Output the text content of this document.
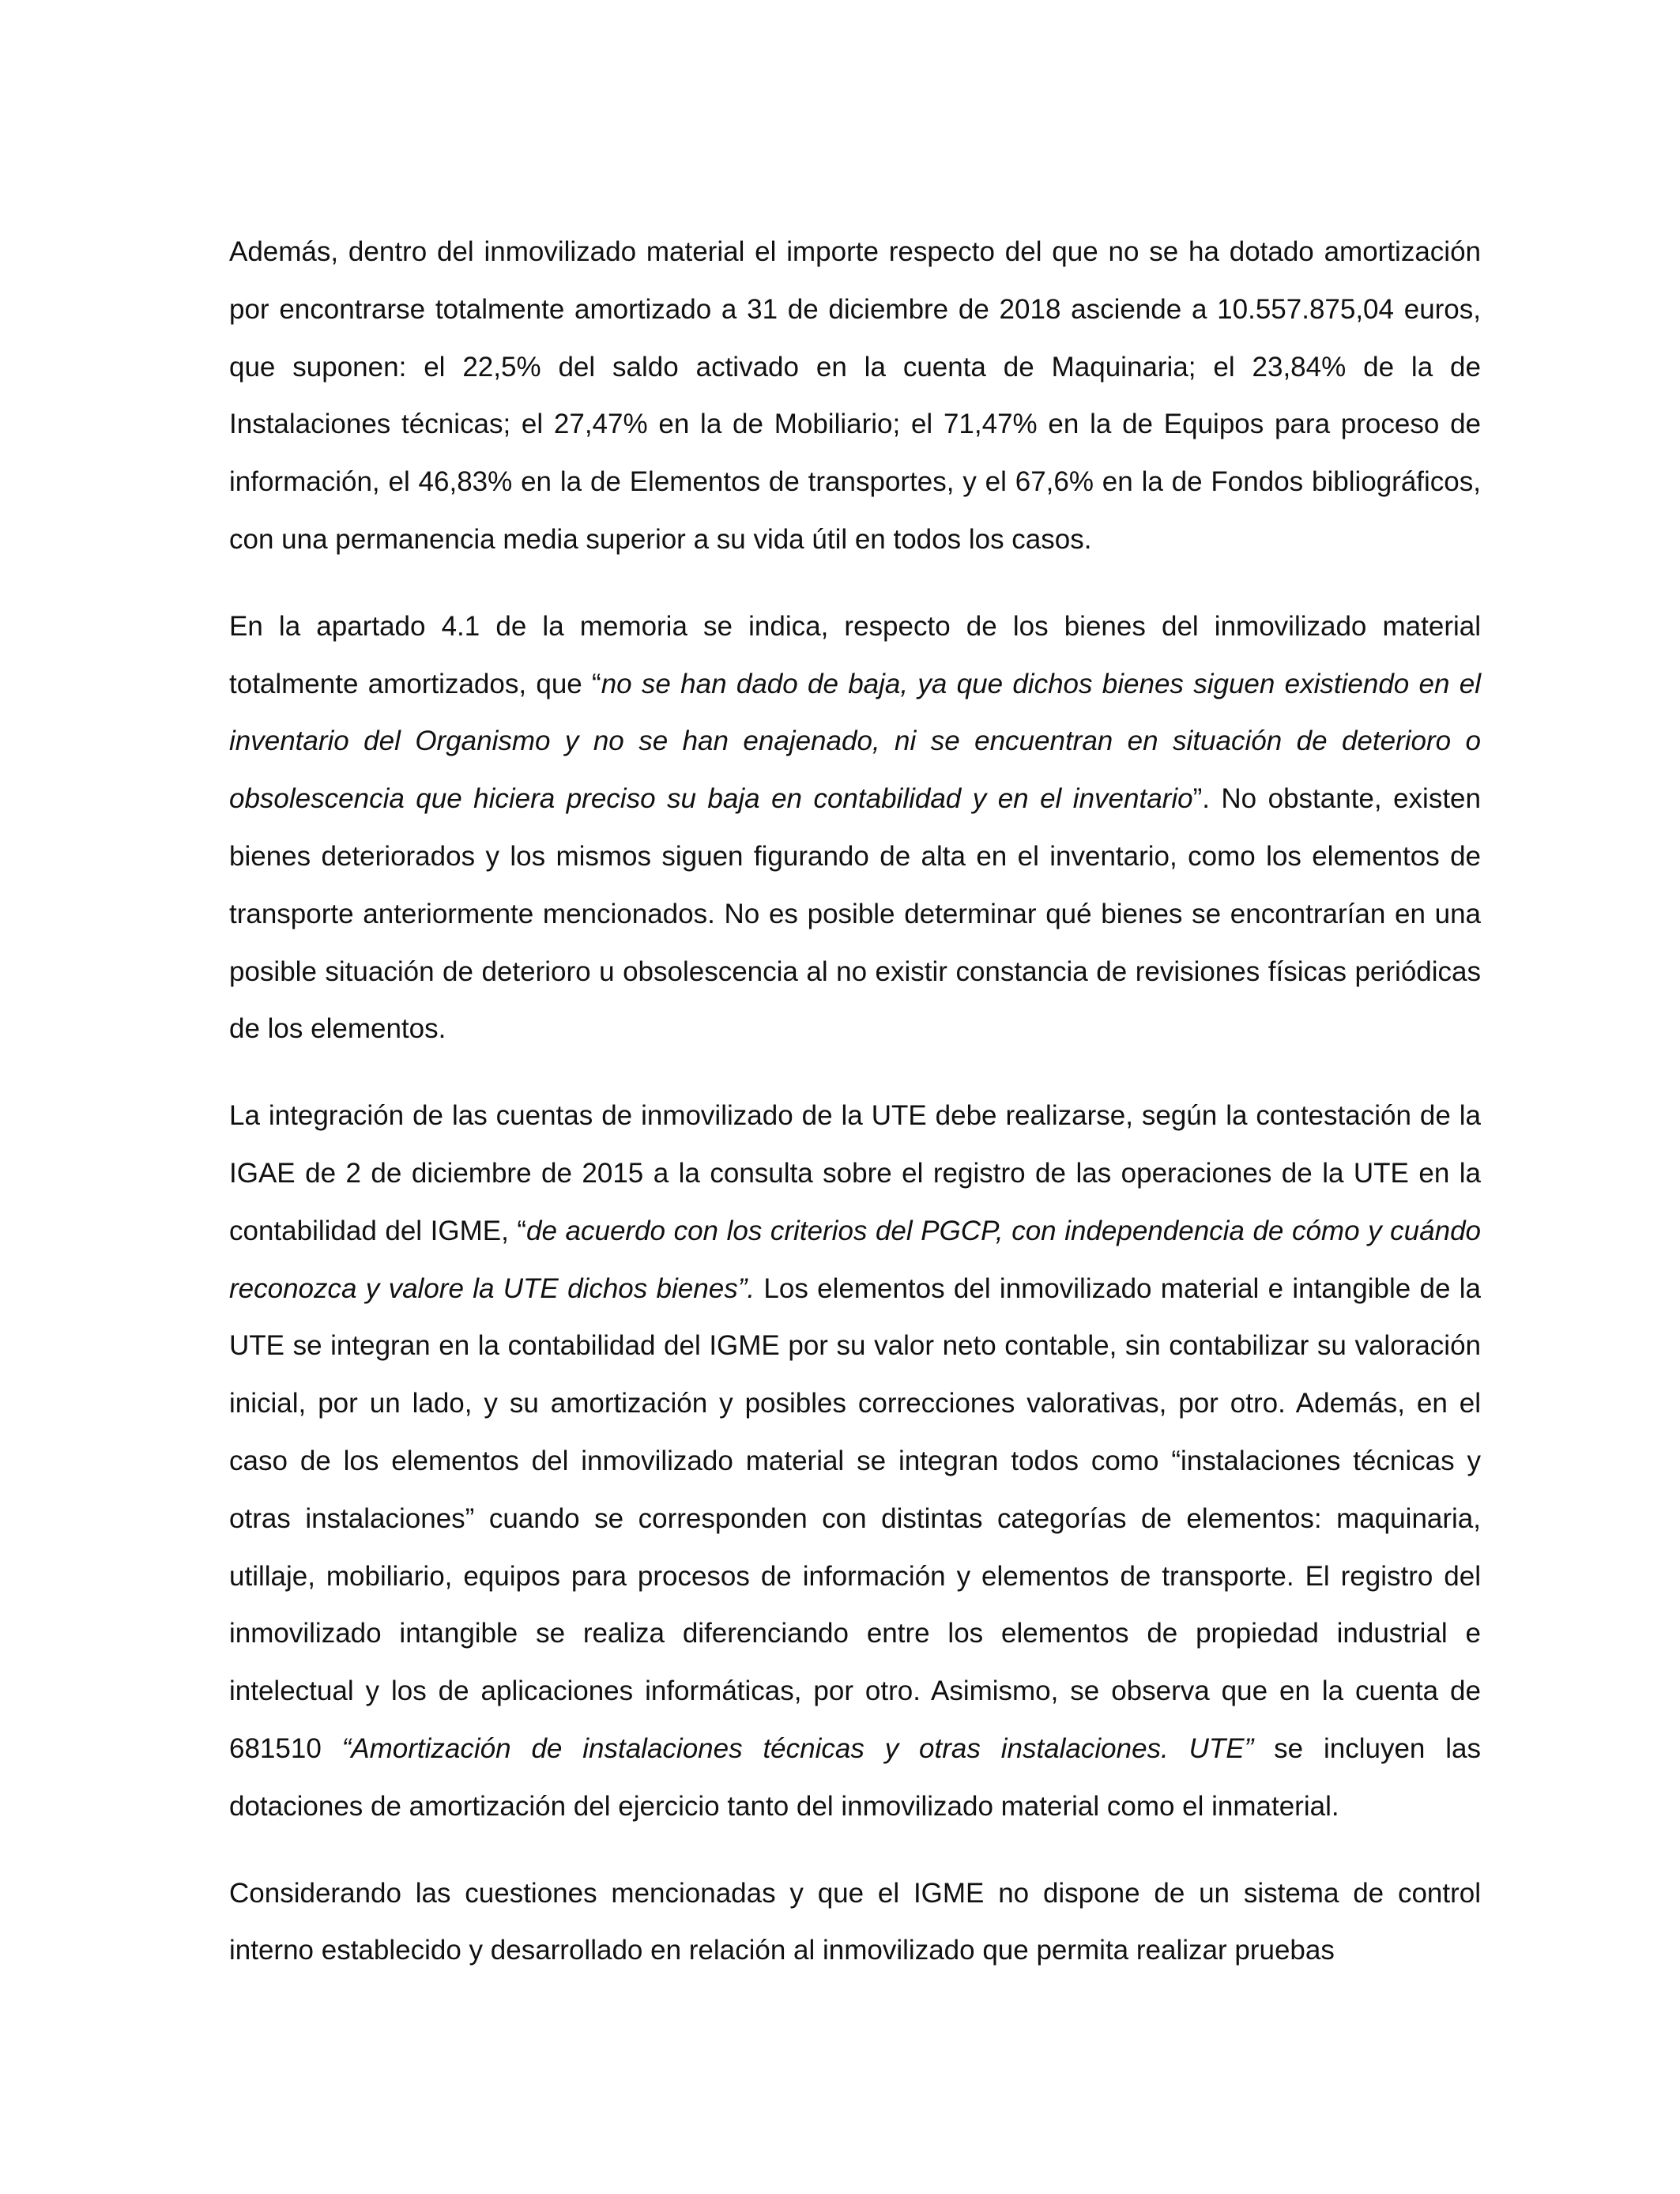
Además, dentro del inmovilizado material el importe respecto del que no se ha dotado amortización por encontrarse totalmente amortizado a 31 de diciembre de 2018 asciende a 10.557.875,04 euros, que suponen: el 22,5% del saldo activado en la cuenta de Maquinaria; el 23,84% de la de Instalaciones técnicas; el 27,47% en la de Mobiliario; el 71,47% en la de Equipos para proceso de información, el 46,83% en la de Elementos de transportes, y el 67,6% en la de Fondos bibliográficos, con una permanencia media superior a su vida útil en todos los casos.

En la apartado 4.1 de la memoria se indica, respecto de los bienes del inmovilizado material totalmente amortizados, que “no se han dado de baja, ya que dichos bienes siguen existiendo en el inventario del Organismo y no se han enajenado, ni se encuentran en situación de deterioro o obsolescencia que hiciera preciso su baja en contabilidad y en el inventario”. No obstante, existen bienes deteriorados y los mismos siguen figurando de alta en el inventario, como los elementos de transporte anteriormente mencionados. No es posible determinar qué bienes se encontrarían en una posible situación de deterioro u obsolescencia al no existir constancia de revisiones físicas periódicas de los elementos.

La integración de las cuentas de inmovilizado de la UTE debe realizarse, según la contestación de la IGAE de 2 de diciembre de 2015 a la consulta sobre el registro de las operaciones de la UTE en la contabilidad del IGME, “de acuerdo con los criterios del PGCP, con independencia de cómo y cuándo reconozca y valore la UTE dichos bienes”. Los elementos del inmovilizado material e intangible de la UTE se integran en la contabilidad del IGME por su valor neto contable, sin contabilizar su valoración inicial, por un lado, y su amortización y posibles correcciones valorativas, por otro. Además, en el caso de los elementos del inmovilizado material se integran todos como “instalaciones técnicas y otras instalaciones” cuando se corresponden con distintas categorías de elementos: maquinaria, utillaje, mobiliario, equipos para procesos de información y elementos de transporte. El registro del inmovilizado intangible se realiza diferenciando entre los elementos de propiedad industrial e intelectual y los de aplicaciones informáticas, por otro. Asimismo, se observa que en la cuenta de 681510 “Amortización de instalaciones técnicas y otras instalaciones. UTE” se incluyen las dotaciones de amortización del ejercicio tanto del inmovilizado material como el inmaterial.

Considerando las cuestiones mencionadas y que el IGME no dispone de un sistema de control interno establecido y desarrollado en relación al inmovilizado que permita realizar pruebas
